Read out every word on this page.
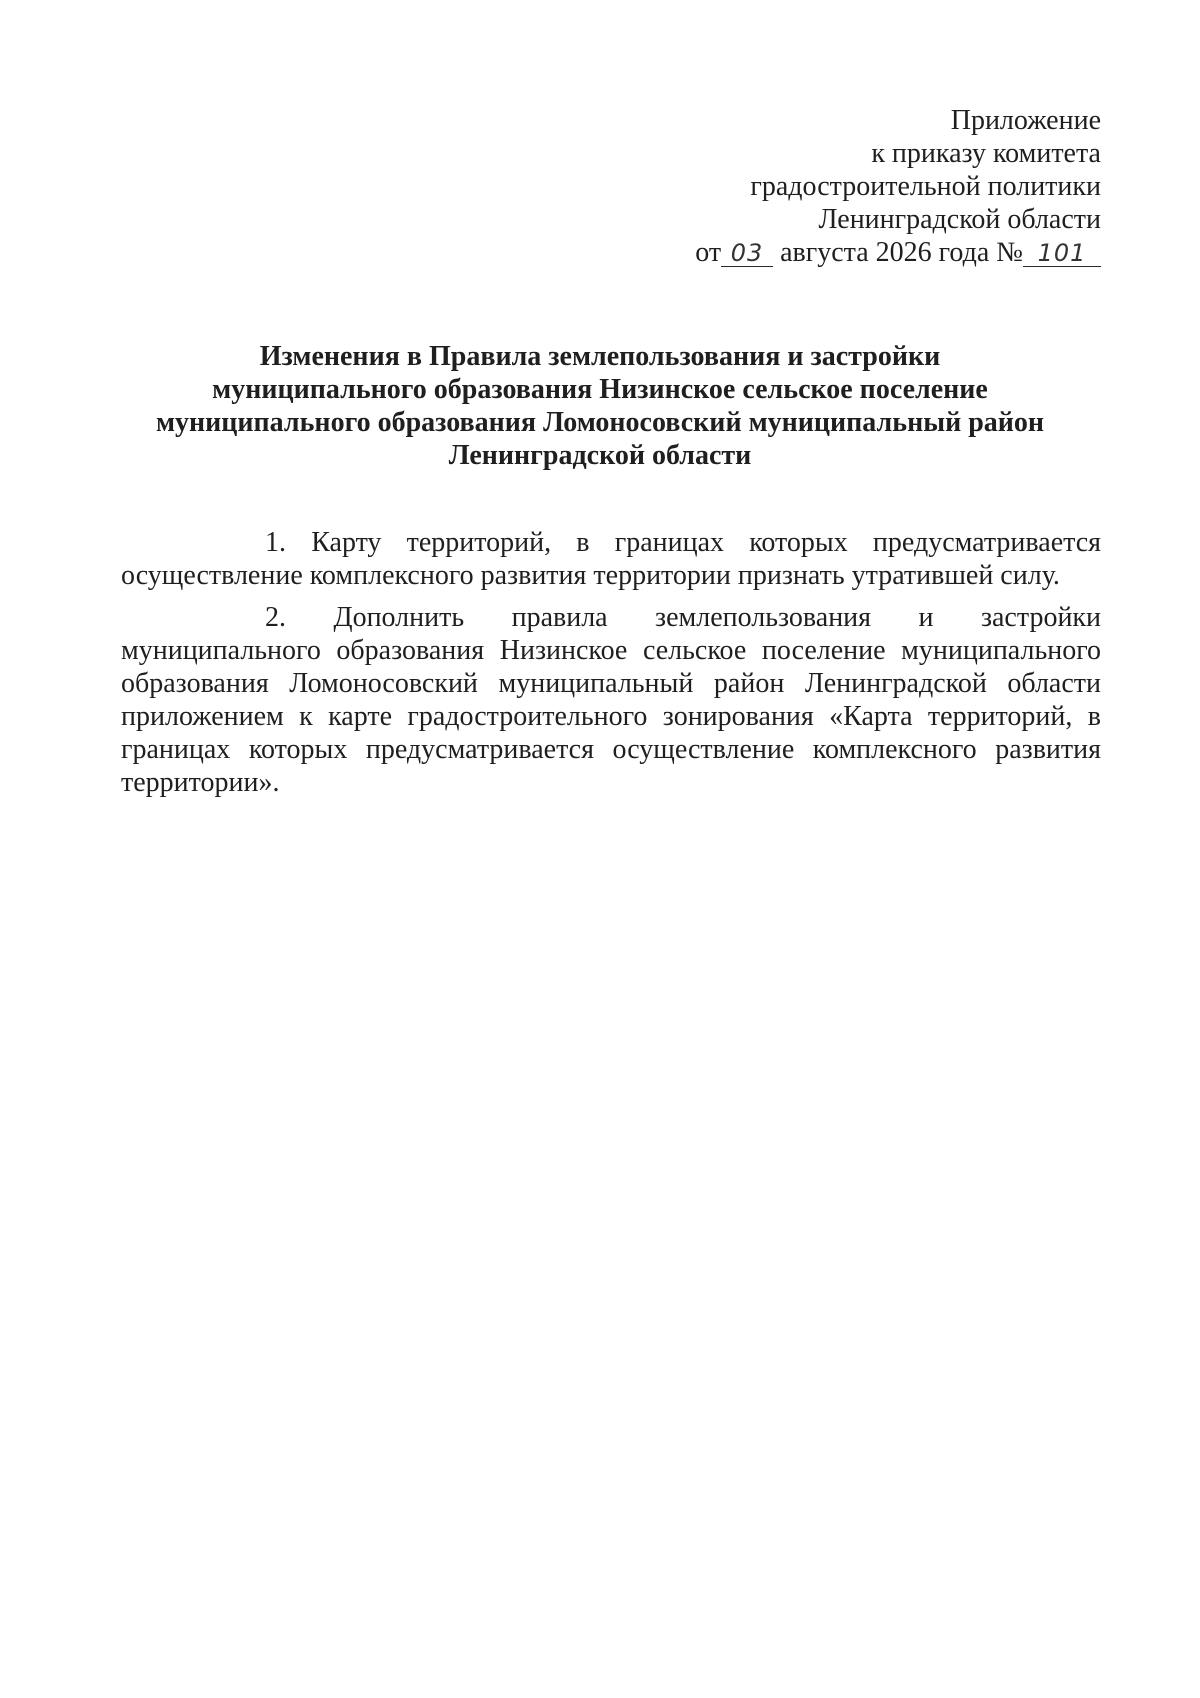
Приложение
к приказу комитета
градостроительной политики
Ленинградской области
от 03 августа 2026 года № 101
Изменения в Правила землепользования и застройки
муниципального образования Низинское сельское поселение
муниципального образования Ломоносовский муниципальный район
Ленинградской области

1. Карту территорий, в границах которых предусматривается осуществление комплексного развития территории признать утратившей силу.

2. Дополнить правила землепользования и застройки муниципального образования Низинское сельское поселение муниципального образования Ломоносовский муниципальный район Ленинградской области приложением к карте градостроительного зонирования «Карта территорий, в границах которых предусматривается осуществление комплексного развития территории».
